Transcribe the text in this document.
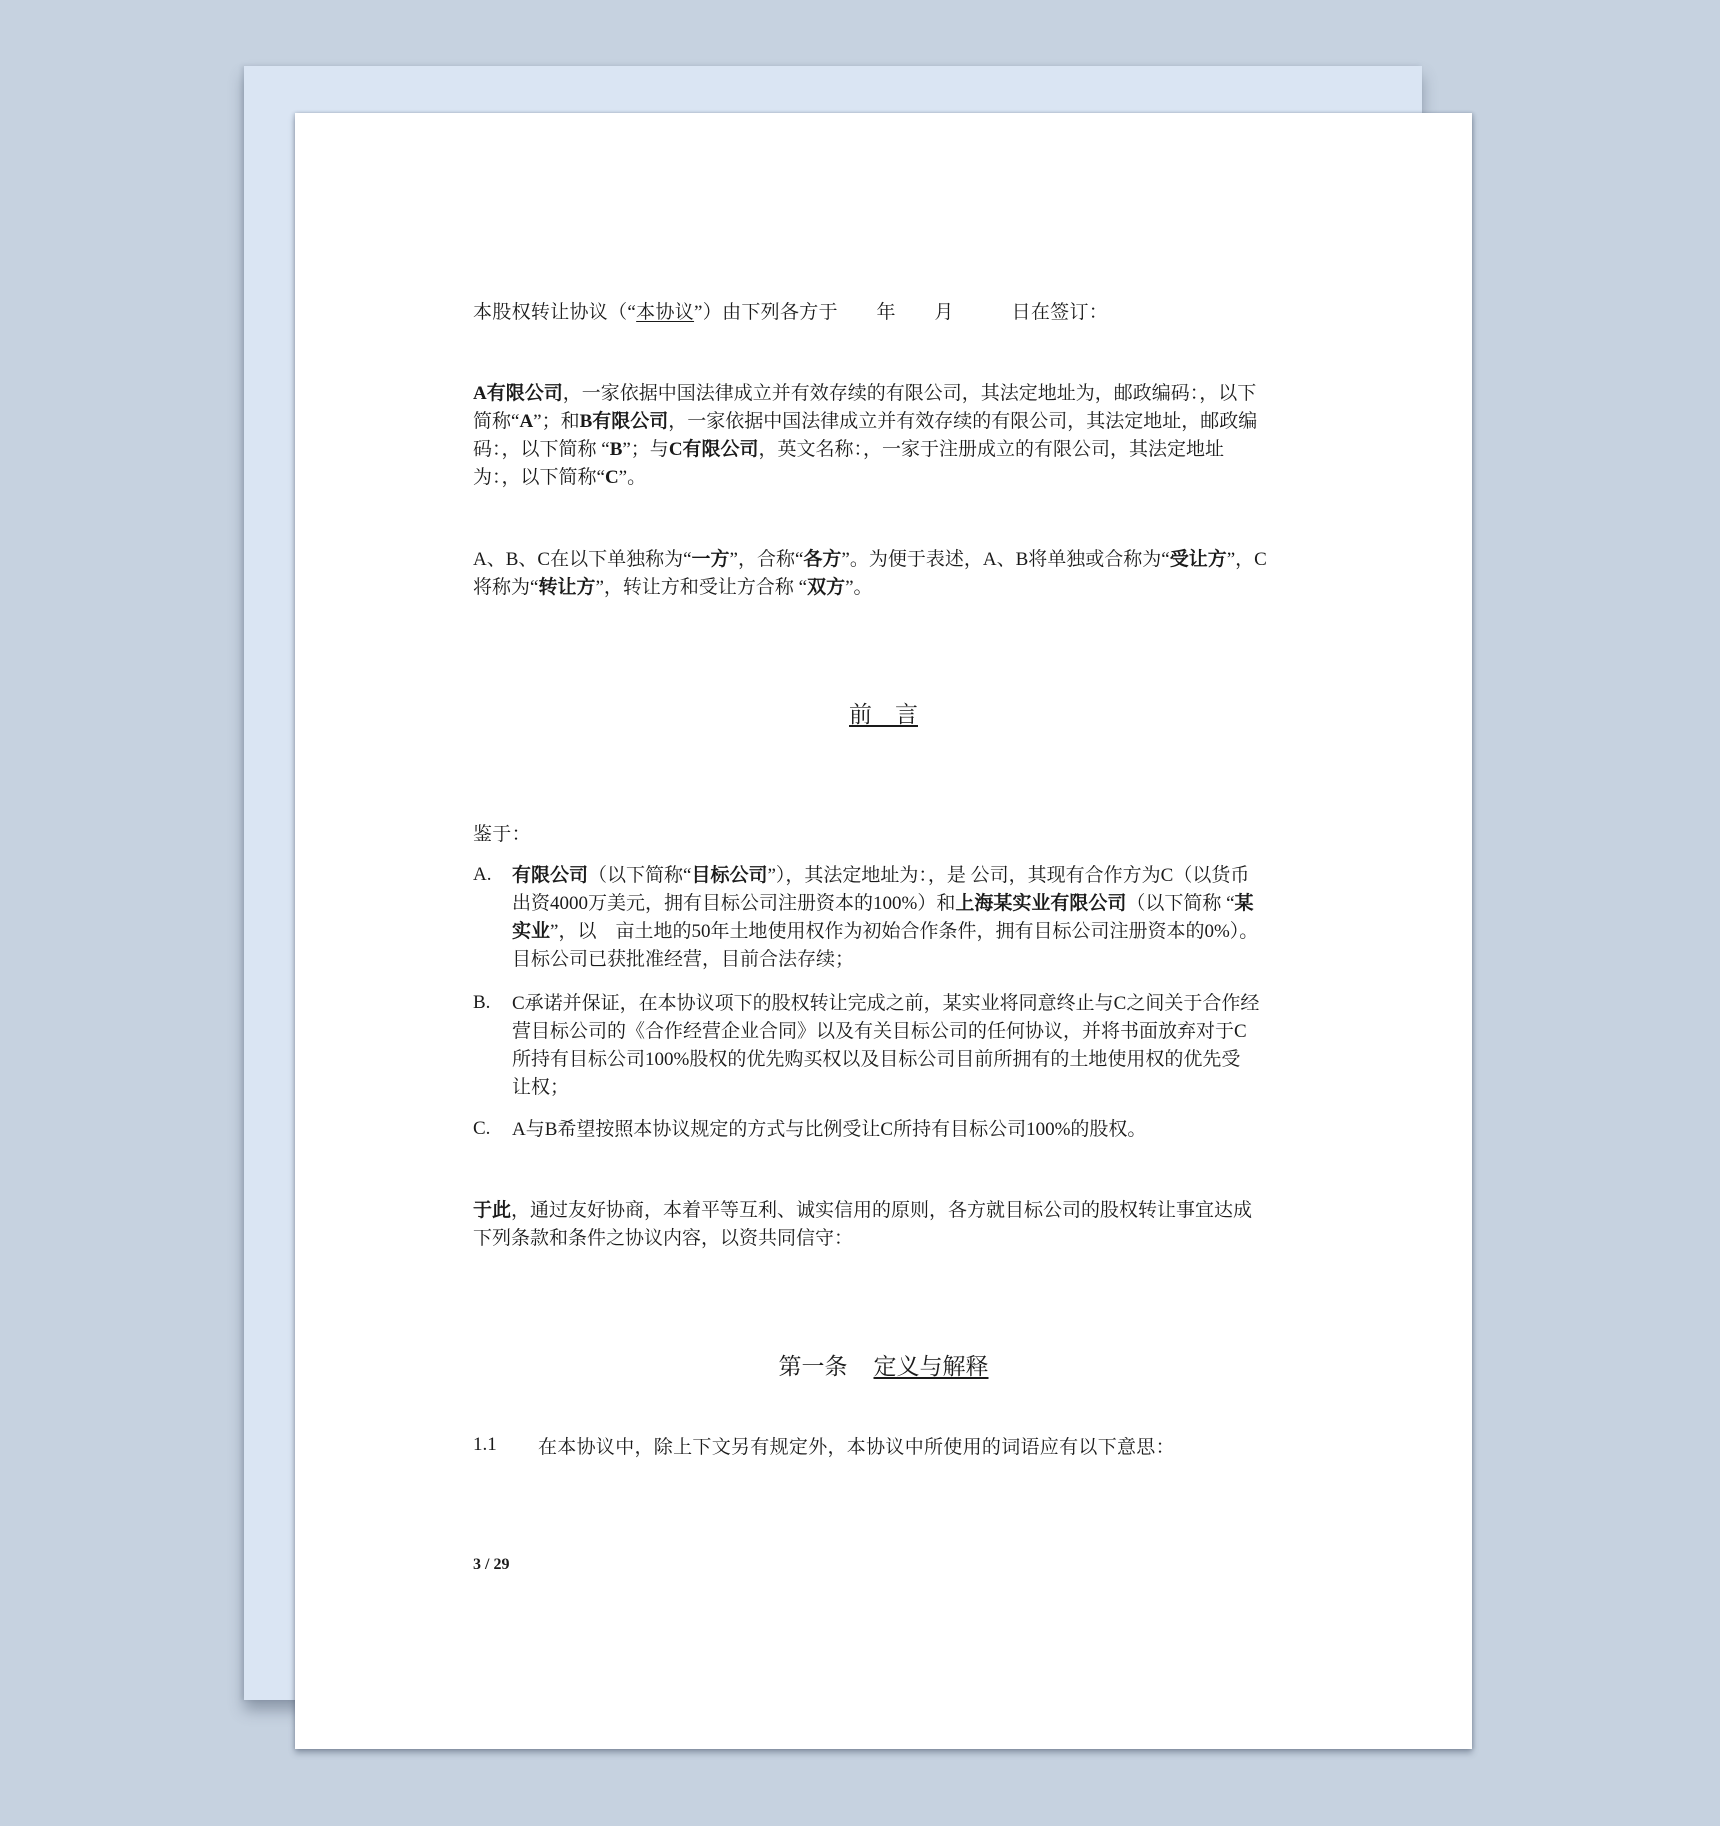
本股权转让协议（“本协议”）由下列各方于　　年　　月　　　日在签订：
A有限公司，一家依据中国法律成立并有效存续的有限公司，其法定地址为，邮政编码：，以下
简称“A”；和B有限公司，一家依据中国法律成立并有效存续的有限公司，其法定地址，邮政编
码：，以下简称 “B”；与C有限公司，英文名称：，一家于注册成立的有限公司，其法定地址
为：，以下简称“C”。
A、B、C在以下单独称为“一方”，合称“各方”。为便于表述，A、B将单独或合称为“受让方”，C
将称为“转让方”，转让方和受让方合称 “双方”。
前　言
鉴于：
A. 有限公司（以下简称“目标公司”），其法定地址为：，是 公司，其现有合作方为C（以货币
出资4000万美元，拥有目标公司注册资本的100%）和上海某实业有限公司（以下简称 “某
实业”，以　亩土地的50年土地使用权作为初始合作条件，拥有目标公司注册资本的0%）。
目标公司已获批准经营，目前合法存续；
B. C承诺并保证，在本协议项下的股权转让完成之前，某实业将同意终止与C之间关于合作经
营目标公司的《合作经营企业合同》以及有关目标公司的任何协议，并将书面放弃对于C
所持有目标公司100%股权的优先购买权以及目标公司目前所拥有的土地使用权的优先受
让权；
C. A与B希望按照本协议规定的方式与比例受让C所持有目标公司100%的股权。
于此，通过友好协商，本着平等互利、诚实信用的原则，各方就目标公司的股权转让事宜达成
下列条款和条件之协议内容，以资共同信守：
第一条 定义与解释
1.1 在本协议中，除上下文另有规定外，本协议中所使用的词语应有以下意思：
3 / 29
